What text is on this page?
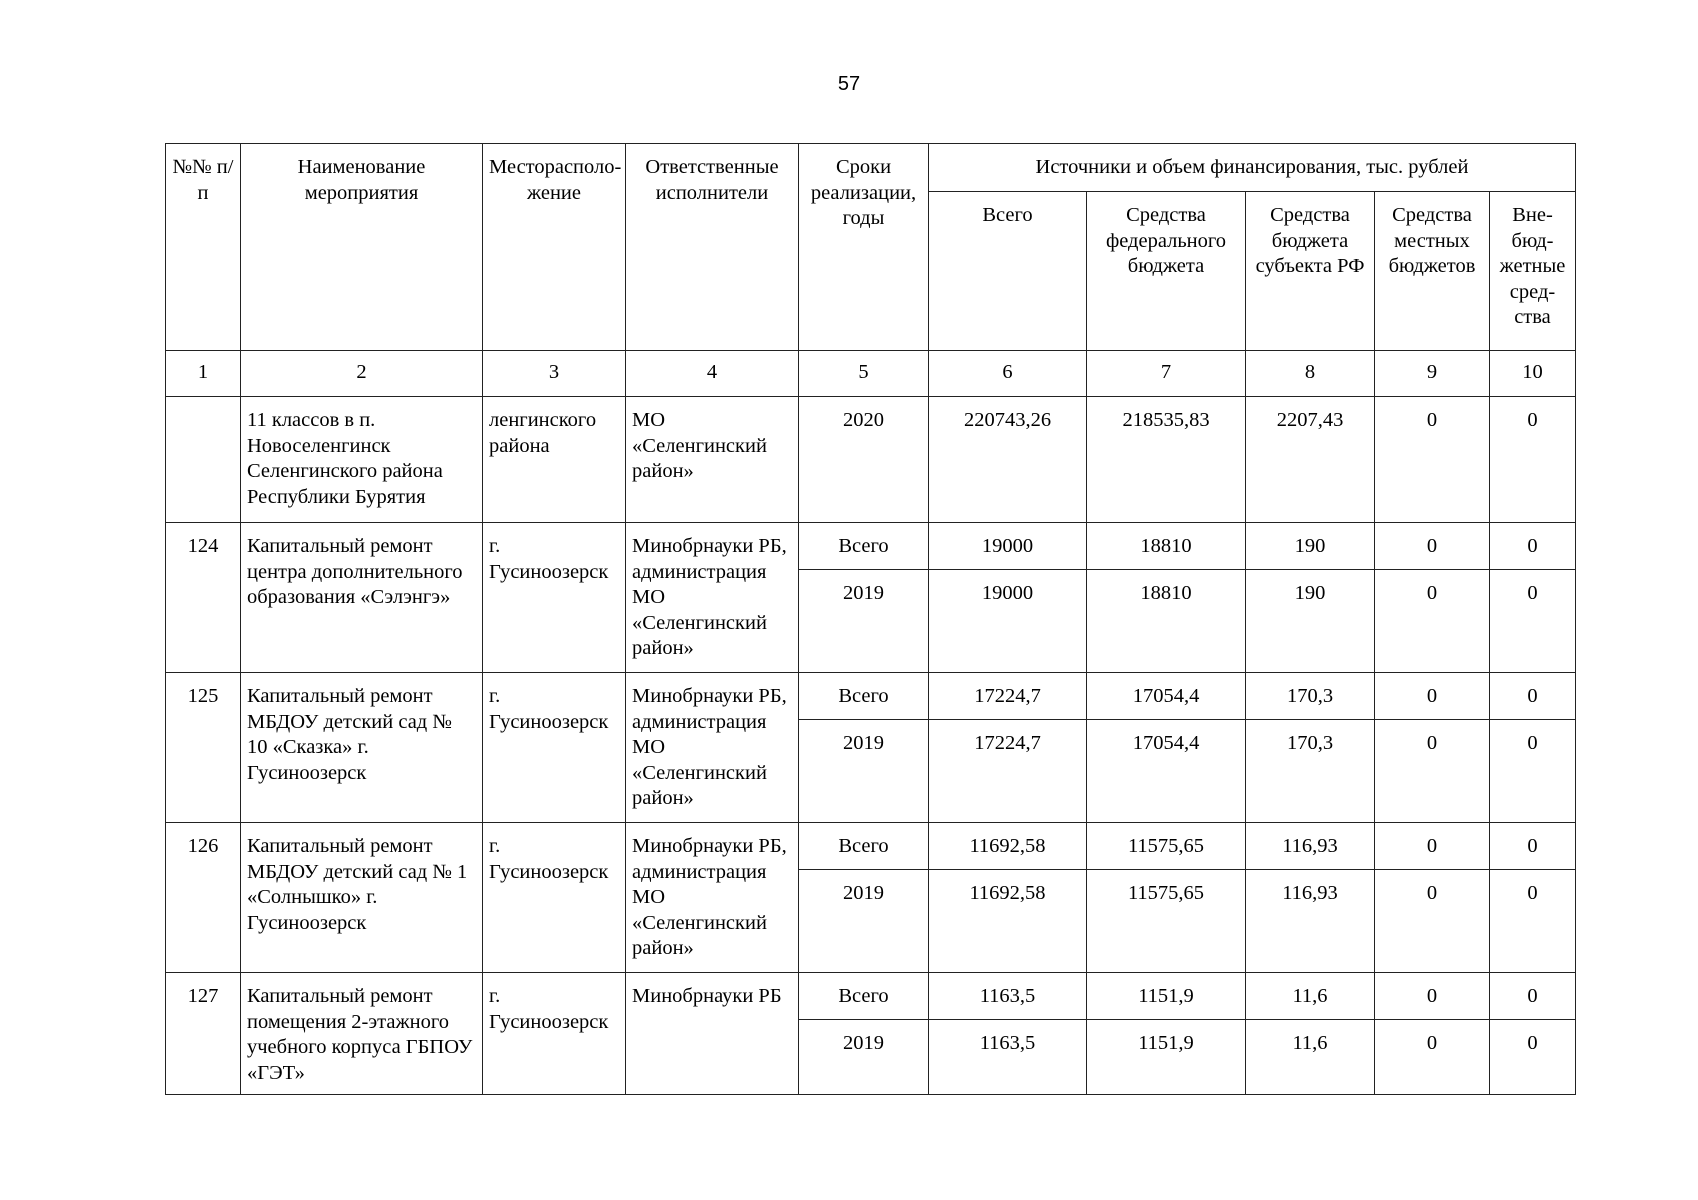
57
№№ п/п	Наименование мероприятия	Месторасполо-жение	Ответственные исполнители	Сроки реализации, годы	Источники и объем финансирования, тыс. рублей				
					Всего	Средства федерального бюджета	Средства бюджета субъекта РФ	Средства местных бюджетов	Вне-бюд-жетные сред-ства
1	2	3	4	5	6	7	8	9	10
	11 классов в п. Новоселенгинск Селенгинского района Республики Бурятия	ленгинского района	МО «Селенгинский район»	2020	220743,26	218535,83	2207,43	0	0
124	Капитальный ремонт центра дополнительного образования «Сэлэнгэ»	г. Гусиноозерск	Минобрнауки РБ, администрация МО «Селенгинский район»	Всего	19000	18810	190	0	0
				2019	19000	18810	190	0	0
125	Капитальный ремонт МБДОУ детский сад № 10 «Сказка» г. Гусиноозерск	г. Гусиноозерск	Минобрнауки РБ, администрация МО «Селенгинский район»	Всего	17224,7	17054,4	170,3	0	0
				2019	17224,7	17054,4	170,3	0	0
126	Капитальный ремонт МБДОУ детский сад № 1 «Солнышко» г. Гусиноозерск	г. Гусиноозерск	Минобрнауки РБ, администрация МО «Селенгинский район»	Всего	11692,58	11575,65	116,93	0	0
				2019	11692,58	11575,65	116,93	0	0
127	Капитальный ремонт помещения 2-этажного учебного корпуса ГБПОУ «ГЭТ»	г. Гусиноозерск	Минобрнауки РБ	Всего	1163,5	1151,9	11,6	0	0
				2019	1163,5	1151,9	11,6	0	0
